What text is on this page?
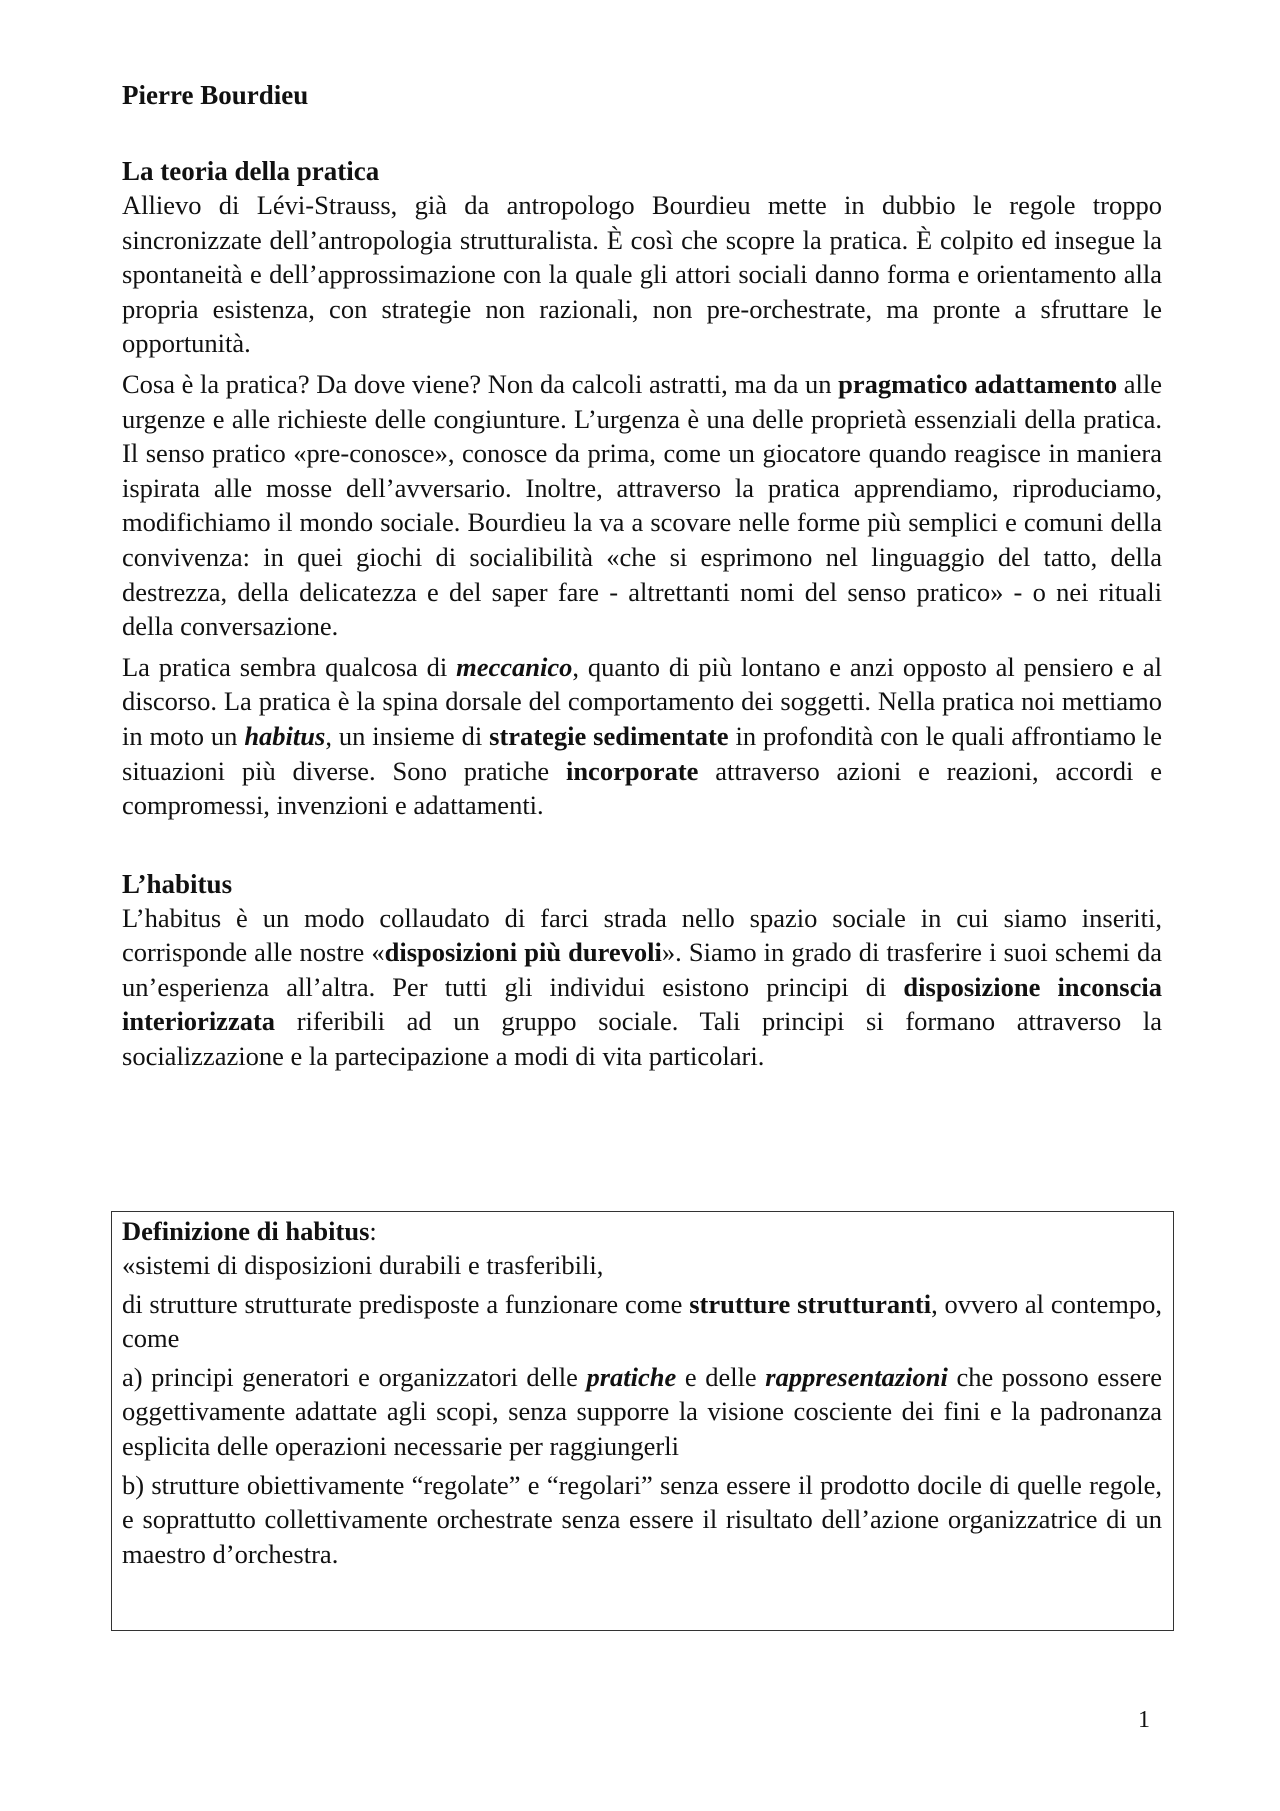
Pierre Bourdieu
La teoria della pratica

Allievo di Lévi-Strauss, già da antropologo Bourdieu mette in dubbio le regole troppo sincronizzate dell’antropologia strutturalista. È così che scopre la pratica. È colpito ed insegue la spontaneità e dell’approssimazione con la quale gli attori sociali danno forma e orientamento alla propria esistenza, con strategie non razionali, non pre-orchestrate, ma pronte a sfruttare le opportunità.

Cosa è la pratica? Da dove viene? Non da calcoli astratti, ma da un pragmatico adattamento alle urgenze e alle richieste delle congiunture. L’urgenza è una delle proprietà essenziali della pratica. Il senso pratico «pre-conosce», conosce da prima, come un giocatore quando reagisce in maniera ispirata alle mosse dell’avversario. Inoltre, attraverso la pratica apprendiamo, riproduciamo, modifichiamo il mondo sociale. Bourdieu la va a scovare nelle forme più semplici e comuni della convivenza: in quei giochi di socialibilità «che si esprimono nel linguaggio del tatto, della destrezza, della delicatezza e del saper fare - altrettanti nomi del senso pratico» - o nei rituali della conversazione.

La pratica sembra qualcosa di meccanico, quanto di più lontano e anzi opposto al pensiero e al discorso. La pratica è la spina dorsale del comportamento dei soggetti. Nella pratica noi mettiamo in moto un habitus, un insieme di strategie sedimentate in profondità con le quali affrontiamo le situazioni più diverse. Sono pratiche incorporate attraverso azioni e reazioni, accordi e compromessi, invenzioni e adattamenti.

L’habitus

L’habitus è un modo collaudato di farci strada nello spazio sociale in cui siamo inseriti, corrisponde alle nostre «disposizioni più durevoli». Siamo in grado di trasferire i suoi schemi da un’esperienza all’altra. Per tutti gli individui esistono principi di disposizione inconscia interiorizzata riferibili ad un gruppo sociale. Tali principi si formano attraverso la socializzazione e la partecipazione a modi di vita particolari.

Definizione di habitus:

«sistemi di disposizioni durabili e trasferibili,

di strutture strutturate predisposte a funzionare come strutture strutturanti, ovvero al contempo, come

a) principi generatori e organizzatori delle pratiche e delle rappresentazioni che possono essere oggettivamente adattate agli scopi, senza supporre la visione cosciente dei fini e la padronanza esplicita delle operazioni necessarie per raggiungerli

b) strutture obiettivamente “regolate” e “regolari” senza essere il prodotto docile di quelle regole, e soprattutto collettivamente orchestrate senza essere il risultato dell’azione organizzatrice di un maestro d’orchestra.

1
